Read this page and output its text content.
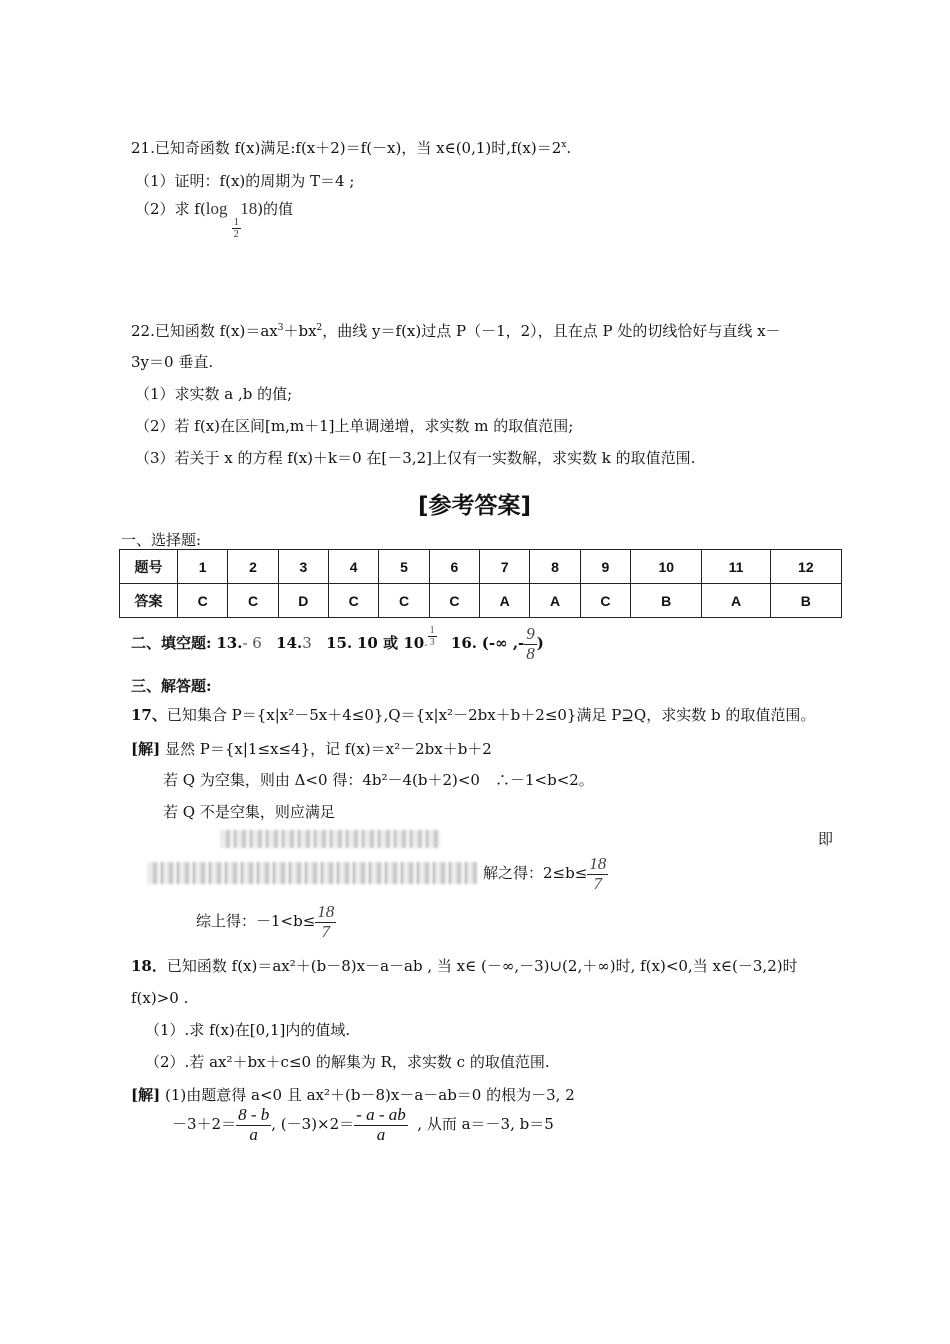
21.已知奇函数 f(x)满足:f(x＋2)＝f(－x)，当 x∈(0,1)时$,f(x)=2^x$.
（1）证明：f(x)的周期为 T＝4 ;
（2）求 f(log
$\frac{1}{2}$
18)的值
22.已知函数 $f(x)=ax^3+bx^2$，曲线 y＝f(x)过点 P（－1，2），且在点 P 处的切线恰好与直线 x－
3y＝0 垂直.
（1）求实数 a ,b 的值;
（2）若 f(x)在区间[m,m＋1]上单调递增，求实数 m 的取值范围;
（3）若关于 x 的方程 f(x)＋k＝0 在[－3,2]上仅有一实数解，求实数 k 的取值范围.
[参考答案]
一、选择题:
题号	1	2	3	4	5	6	7	8	9	10	11	12
答案	C	C	D	C	C	C	A	A	C	B	A	B
二、填空题: 13.- 6 14.3 15. 10 或 $10- \frac{1}{3} 16$. (-∞ ,- $\frac{9}{8}$ )
三、解答题:
17、已知集合 P＝{x|x²－5x＋4≤0},Q＝{x|x²－2bx＋b＋2≤0}满足 P⊇Q，求实数 b 的取值范围。
[解] 显然 P＝{x|1≤x≤4}，记 f(x)＝x²－2bx＋b＋2
若 Q 为空集，则由 Δ<0 得：4b²－4(b＋2)<0　∴－1<b<2。
若 Q 不是空集，则应满足
即
解之得：$2\le b\le \frac{18}{7}$
综上得：$-1<b\le \frac{18}{7}$
18．已知函数 f(x)＝ax²＋(b－8)x－a－ab , 当 x∈ (－∞,－3)∪(2,＋∞)时, f(x)<0,当 x∈(－3,2)时
f(x)>0 .
（1）.求 f(x)在[0,1]内的值域.
（2）.若 ax²＋bx＋c≤0 的解集为 R，求实数 c 的取值范围.
[解] (1)由题意得 a<0 且 ax²＋(b－8)x－a－ab＝0 的根为－3, 2
$-3+2= \frac{8 - b}{a}$ , $(-3)\times 2= \frac{- a - ab}{a}$ , 从而 a＝－3, b＝5
